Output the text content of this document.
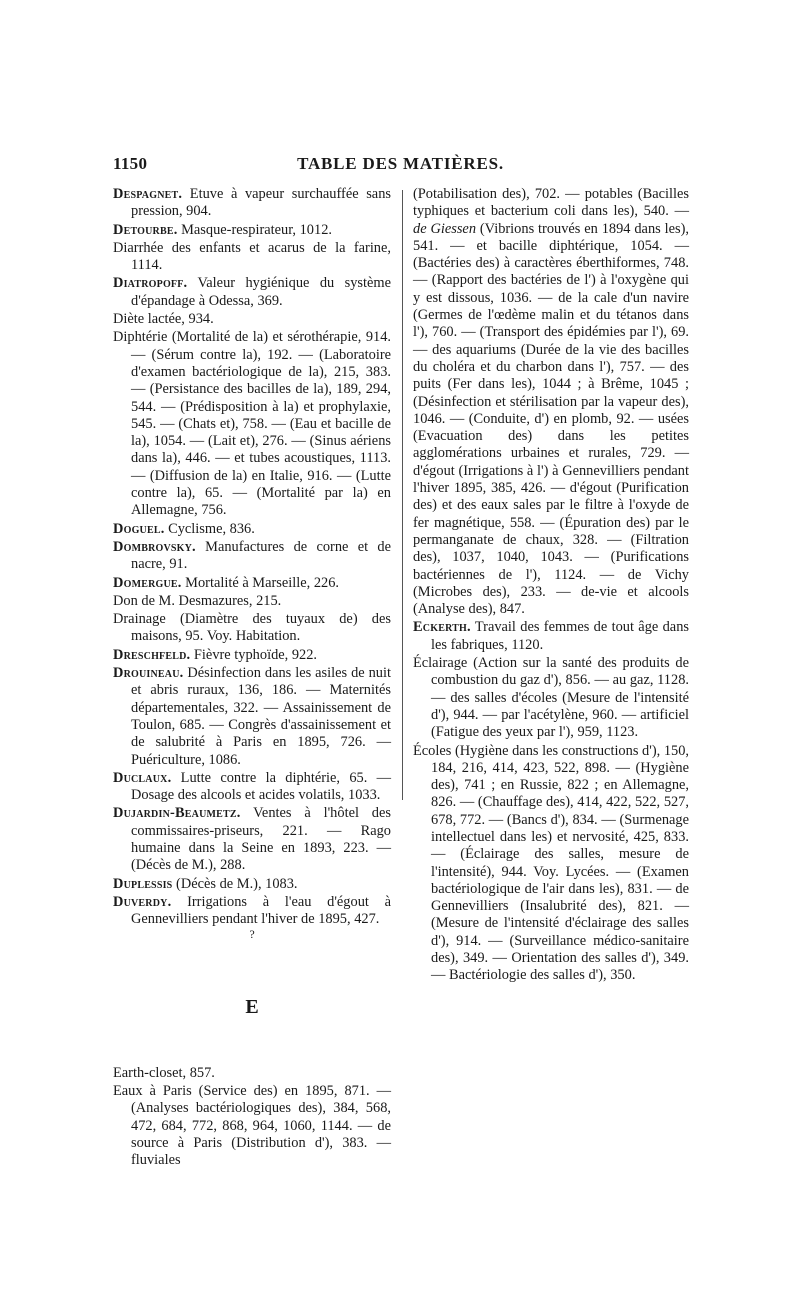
1150	TABLE DES MATIÈRES.

Despagnet. Etuve à vapeur surchauffée sans pression, 904.

Detourbe. Masque-respirateur, 1012.

Diarrhée des enfants et acarus de la farine, 1114.

Diatropoff. Valeur hygiénique du système d'épandage à Odessa, 369.

Diète lactée, 934.

Diphtérie (Mortalité de la) et sérothérapie, 914. — (Sérum contre la), 192. — (Laboratoire d'examen bactériologique de la), 215, 383. — (Persistance des bacilles de la), 189, 294, 544. — (Prédisposition à la) et prophylaxie, 545. — (Chats et), 758. — (Eau et bacille de la), 1054. — (Lait et), 276. — (Sinus aériens dans la), 446. — et tubes acoustiques, 1113. — (Diffusion de la) en Italie, 916. — (Lutte contre la), 65. — (Mortalité par la) en Allemagne, 756.

Doguel. Cyclisme, 836.

Dombrovsky. Manufactures de corne et de nacre, 91.

Domergue. Mortalité à Marseille, 226.

Don de M. Desmazures, 215.

Drainage (Diamètre des tuyaux de) des maisons, 95. Voy. Habitation.

Dreschfeld. Fièvre typhoïde, 922.

Drouineau. Désinfection dans les asiles de nuit et abris ruraux, 136, 186. — Maternités départementales, 322. — Assainissement de Toulon, 685. — Congrès d'assainissement et de salubrité à Paris en 1895, 726. — Puériculture, 1086.

Duclaux. Lutte contre la diphtérie, 65. — Dosage des alcools et acides volatils, 1033.

Dujardin-Beaumetz. Ventes à l'hôtel des commissaires-priseurs, 221. — Rago humaine dans la Seine en 1893, 223. — (Décès de M.), 288.

Duplessis (Décès de M.), 1083.

Duverdy. Irrigations à l'eau d'égout à Gennevilliers pendant l'hiver de 1895, 427.

?
E

Earth-closet, 857.

Eaux à Paris (Service des) en 1895, 871. — (Analyses bactériologiques des), 384, 568, 472, 684, 772, 868, 964, 1060, 1144. — de source à Paris (Distribution d'), 383. — fluviales

(Potabilisation des), 702. — potables (Bacilles typhiques et bacterium coli dans les), 540. — de Giessen (Vibrions trouvés en 1894 dans les), 541. — et bacille diphtérique, 1054. — (Bactéries des) à caractères éberthiformes, 748. — (Rapport des bactéries de l') à l'oxygène qui y est dissous, 1036. — de la cale d'un navire (Germes de l'œdème malin et du tétanos dans l'), 760. — (Transport des épidémies par l'), 69. — des aquariums (Durée de la vie des bacilles du choléra et du charbon dans l'), 757. — des puits (Fer dans les), 1044 ; à Brême, 1045 ; (Désinfection et stérilisation par la vapeur des), 1046. — (Conduite, d') en plomb, 92. — usées (Evacuation des) dans les petites agglomérations urbaines et rurales, 729. — d'égout (Irrigations à l') à Gennevilliers pendant l'hiver 1895, 385, 426. — d'égout (Purification des) et des eaux sales par le filtre à l'oxyde de fer magnétique, 558. — (Épuration des) par le permanganate de chaux, 328. — (Filtration des), 1037, 1040, 1043. — (Purifications bactériennes de l'), 1124. — de Vichy (Microbes des), 233. — de-vie et alcools (Analyse des), 847.

Eckerth. Travail des femmes de tout âge dans les fabriques, 1120.

Éclairage (Action sur la santé des produits de combustion du gaz d'), 856. — au gaz, 1128. — des salles d'écoles (Mesure de l'intensité d'), 944. — par l'acétylène, 960. — artificiel (Fatigue des yeux par l'), 959, 1123.

Écoles (Hygiène dans les constructions d'), 150, 184, 216, 414, 423, 522, 898. — (Hygiène des), 741 ; en Russie, 822 ; en Allemagne, 826. — (Chauffage des), 414, 422, 522, 527, 678, 772. — (Bancs d'), 834. — (Surmenage intellectuel dans les) et nervosité, 425, 833. — (Éclairage des salles, mesure de l'intensité), 944. Voy. Lycées. — (Examen bactériologique de l'air dans les), 831. — de Gennevilliers (Insalubrité des), 821. — (Mesure de l'intensité d'éclairage des salles d'), 914. — (Surveillance médico-sanitaire des), 349. — Orientation des salles d'), 349. — Bactériologie des salles d'), 350.
